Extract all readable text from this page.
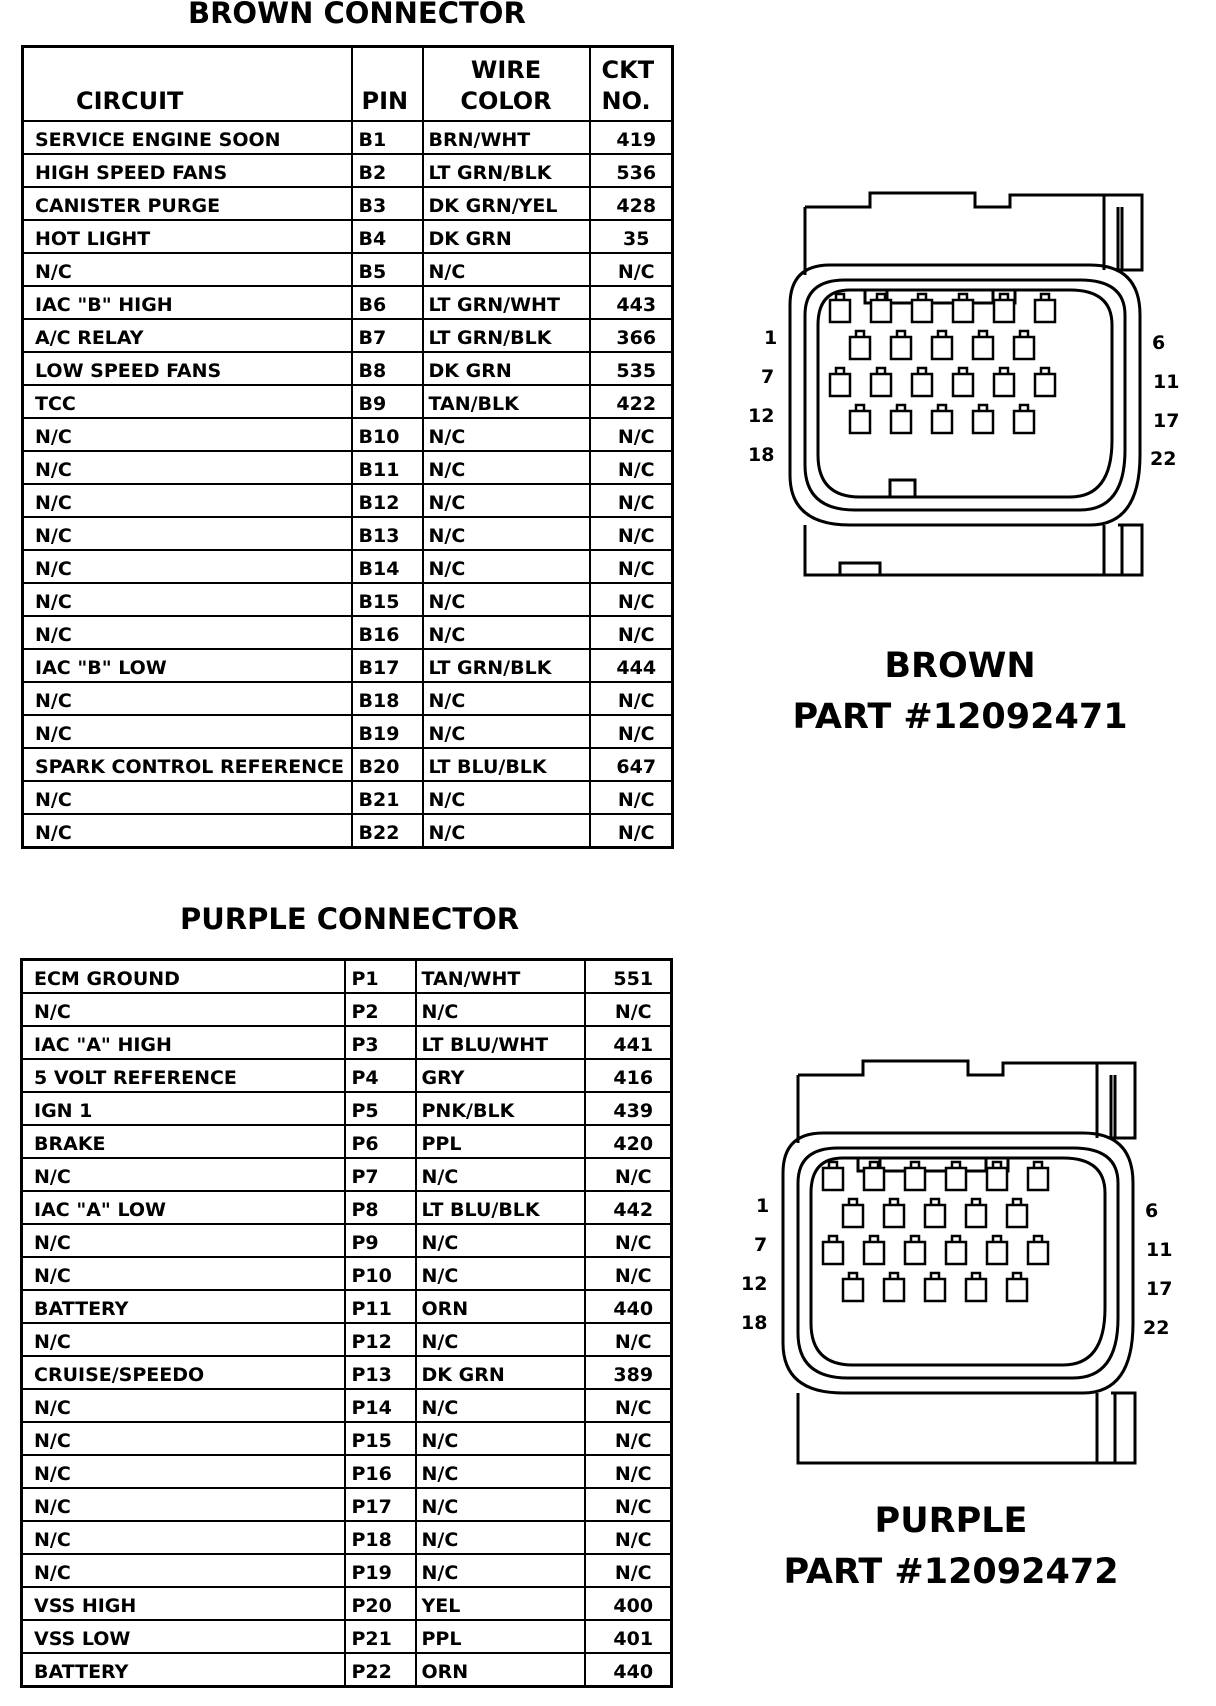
BROWN CONNECTOR
CIRCUIT	PIN	WIRE COLOR	CKT NO.
SERVICE ENGINE SOON	B1	BRN/WHT	419
HIGH SPEED FANS	B2	LT GRN/BLK	536
CANISTER PURGE	B3	DK GRN/YEL	428
HOT LIGHT	B4	DK GRN	35
N/C	B5	N/C	N/C
IAC "B" HIGH	B6	LT GRN/WHT	443
A/C RELAY	B7	LT GRN/BLK	366
LOW SPEED FANS	B8	DK GRN	535
TCC	B9	TAN/BLK	422
N/C	B10	N/C	N/C
N/C	B11	N/C	N/C
N/C	B12	N/C	N/C
N/C	B13	N/C	N/C
N/C	B14	N/C	N/C
N/C	B15	N/C	N/C
N/C	B16	N/C	N/C
IAC "B" LOW	B17	LT GRN/BLK	444
N/C	B18	N/C	N/C
N/C	B19	N/C	N/C
SPARK CONTROL REFERENCE	B20	LT BLU/BLK	647
N/C	B21	N/C	N/C
N/C	B22	N/C	N/C
1
7
12
18
6
11
17
22
BROWN
PART #12092471
PURPLE CONNECTOR
ECM GROUND	P1	TAN/WHT	551
N/C	P2	N/C	N/C
IAC "A" HIGH	P3	LT BLU/WHT	441
5 VOLT REFERENCE	P4	GRY	416
IGN 1	P5	PNK/BLK	439
BRAKE	P6	PPL	420
N/C	P7	N/C	N/C
IAC "A" LOW	P8	LT BLU/BLK	442
N/C	P9	N/C	N/C
N/C	P10	N/C	N/C
BATTERY	P11	ORN	440
N/C	P12	N/C	N/C
CRUISE/SPEEDO	P13	DK GRN	389
N/C	P14	N/C	N/C
N/C	P15	N/C	N/C
N/C	P16	N/C	N/C
N/C	P17	N/C	N/C
N/C	P18	N/C	N/C
N/C	P19	N/C	N/C
VSS HIGH	P20	YEL	400
VSS LOW	P21	PPL	401
BATTERY	P22	ORN	440
1
7
12
18
6
11
17
22
PURPLE
PART #12092472
